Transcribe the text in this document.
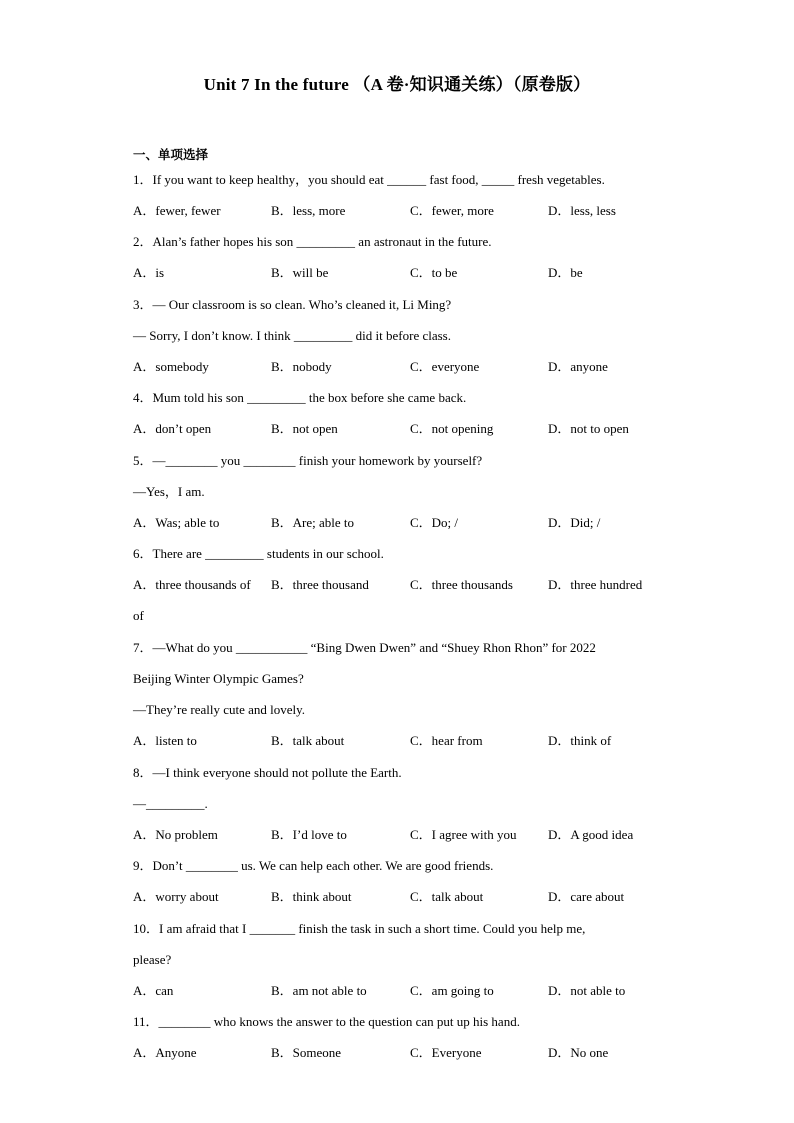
Unit 7 In the future （A 卷·知识通关练）（原卷版）
一、单项选择
1．If you want to keep healthy，you should eat ______ fast food, _____ fresh vegetables.
A．fewer, fewer	B．less, more	C．fewer, more	D．less, less
2．Alan’s father hopes his son _________ an astronaut in the future.
A．is	B．will be	C．to be	D．be
3．— Our classroom is so clean. Who’s cleaned it, Li Ming?
— Sorry, I don’t know. I think _________ did it before class.
A．somebody	B．nobody	C．everyone	D．anyone
4．Mum told his son _________ the box before she came back.
A．don’t open	B．not open	C．not opening	D．not to open
5．—________ you ________ finish your homework by yourself?
—Yes，I am.
A．Was; able to	B．Are; able to	C．Do; /	D．Did; /
6．There are _________ students in our school.
A．three thousands of B．three thousand	C．three thousands	D．three hundred
of
7．—What do you ___________ “Bing Dwen Dwen” and “Shuey Rhon Rhon” for 2022
Beijing Winter Olympic Games?
—They’re really cute and lovely.
A．listen to	B．talk about	C．hear from	D．think of
8．—I think everyone should not pollute the Earth.
—_________.
A．No problem	B．I’d love to	C．I agree with you D．A good idea
9．Don’t ________ us. We can help each other. We are good friends.
A．worry about	B．think about	C．talk about	D．care about
10．I am afraid that I _______ finish the task in such a short time. Could you help me,
please?
A．can	B．am not able to	C．am going to	D．not able to
11．________ who knows the answer to the question can put up his hand.
A．Anyone	B．Someone	C．Everyone	D．No one
